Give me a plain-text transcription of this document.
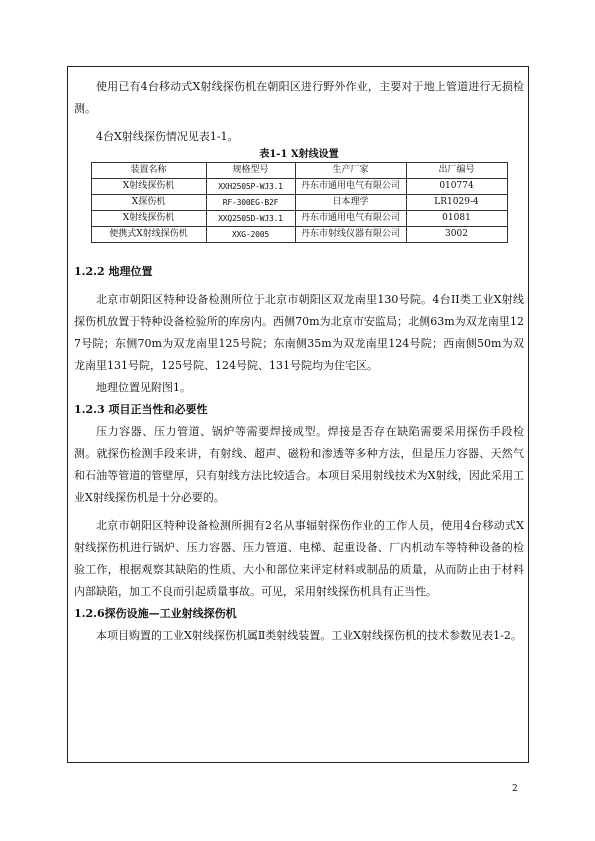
使用已有4台移动式X射线探伤机在朝阳区进行野外作业，主要对于地上管道进行无损检测。

4台X射线探伤情况见表1-1。

表1-1 X射线设置
装置名称	规格型号	生产厂家	出厂编号
X射线探伤机	XXH2505P-WJ3.1	丹东市通用电气有限公司	010774
X探伤机	RF-300EG-B2F	日本理学	LR1029-4
X射线探伤机	XXQ2505D-WJ3.1	丹东市通用电气有限公司	01081
便携式X射线探伤机	XXG-2005	丹东市射线仪器有限公司	3002
1.2.2 地理位置

北京市朝阳区特种设备检测所位于北京市朝阳区双龙南里130号院。4台II类工业X射线探伤机放置于特种设备检验所的库房内。西侧70m为北京市安监局；北侧63m为双龙南里127号院；东侧70m为双龙南里125号院；东南侧35m为双龙南里124号院；西南侧50m为双龙南里131号院，125号院、124号院、131号院均为住宅区。

地理位置见附图1。

1.2.3 项目正当性和必要性

压力容器、压力管道、锅炉等需要焊接成型。焊接是否存在缺陷需要采用探伤手段检测。就探伤检测手段来讲，有射线、超声、磁粉和渗透等多种方法，但是压力容器、天然气和石油等管道的管壁厚，只有射线方法比较适合。本项目采用射线技术为X射线，因此采用工业X射线探伤机是十分必要的。

北京市朝阳区特种设备检测所拥有2名从事辐射探伤作业的工作人员，使用4台移动式X射线探伤机进行锅炉、压力容器、压力管道、电梯、起重设备、厂内机动车等特种设备的检验工作，根据观察其缺陷的性质、大小和部位来评定材料或制品的质量，从而防止由于材料内部缺陷，加工不良而引起质量事故。可见，采用射线探伤机具有正当性。

1.2.6探伤设施—工业射线探伤机

本项目购置的工业X射线探伤机属Ⅱ类射线装置。工业X射线探伤机的技术参数见表1-2。

2
